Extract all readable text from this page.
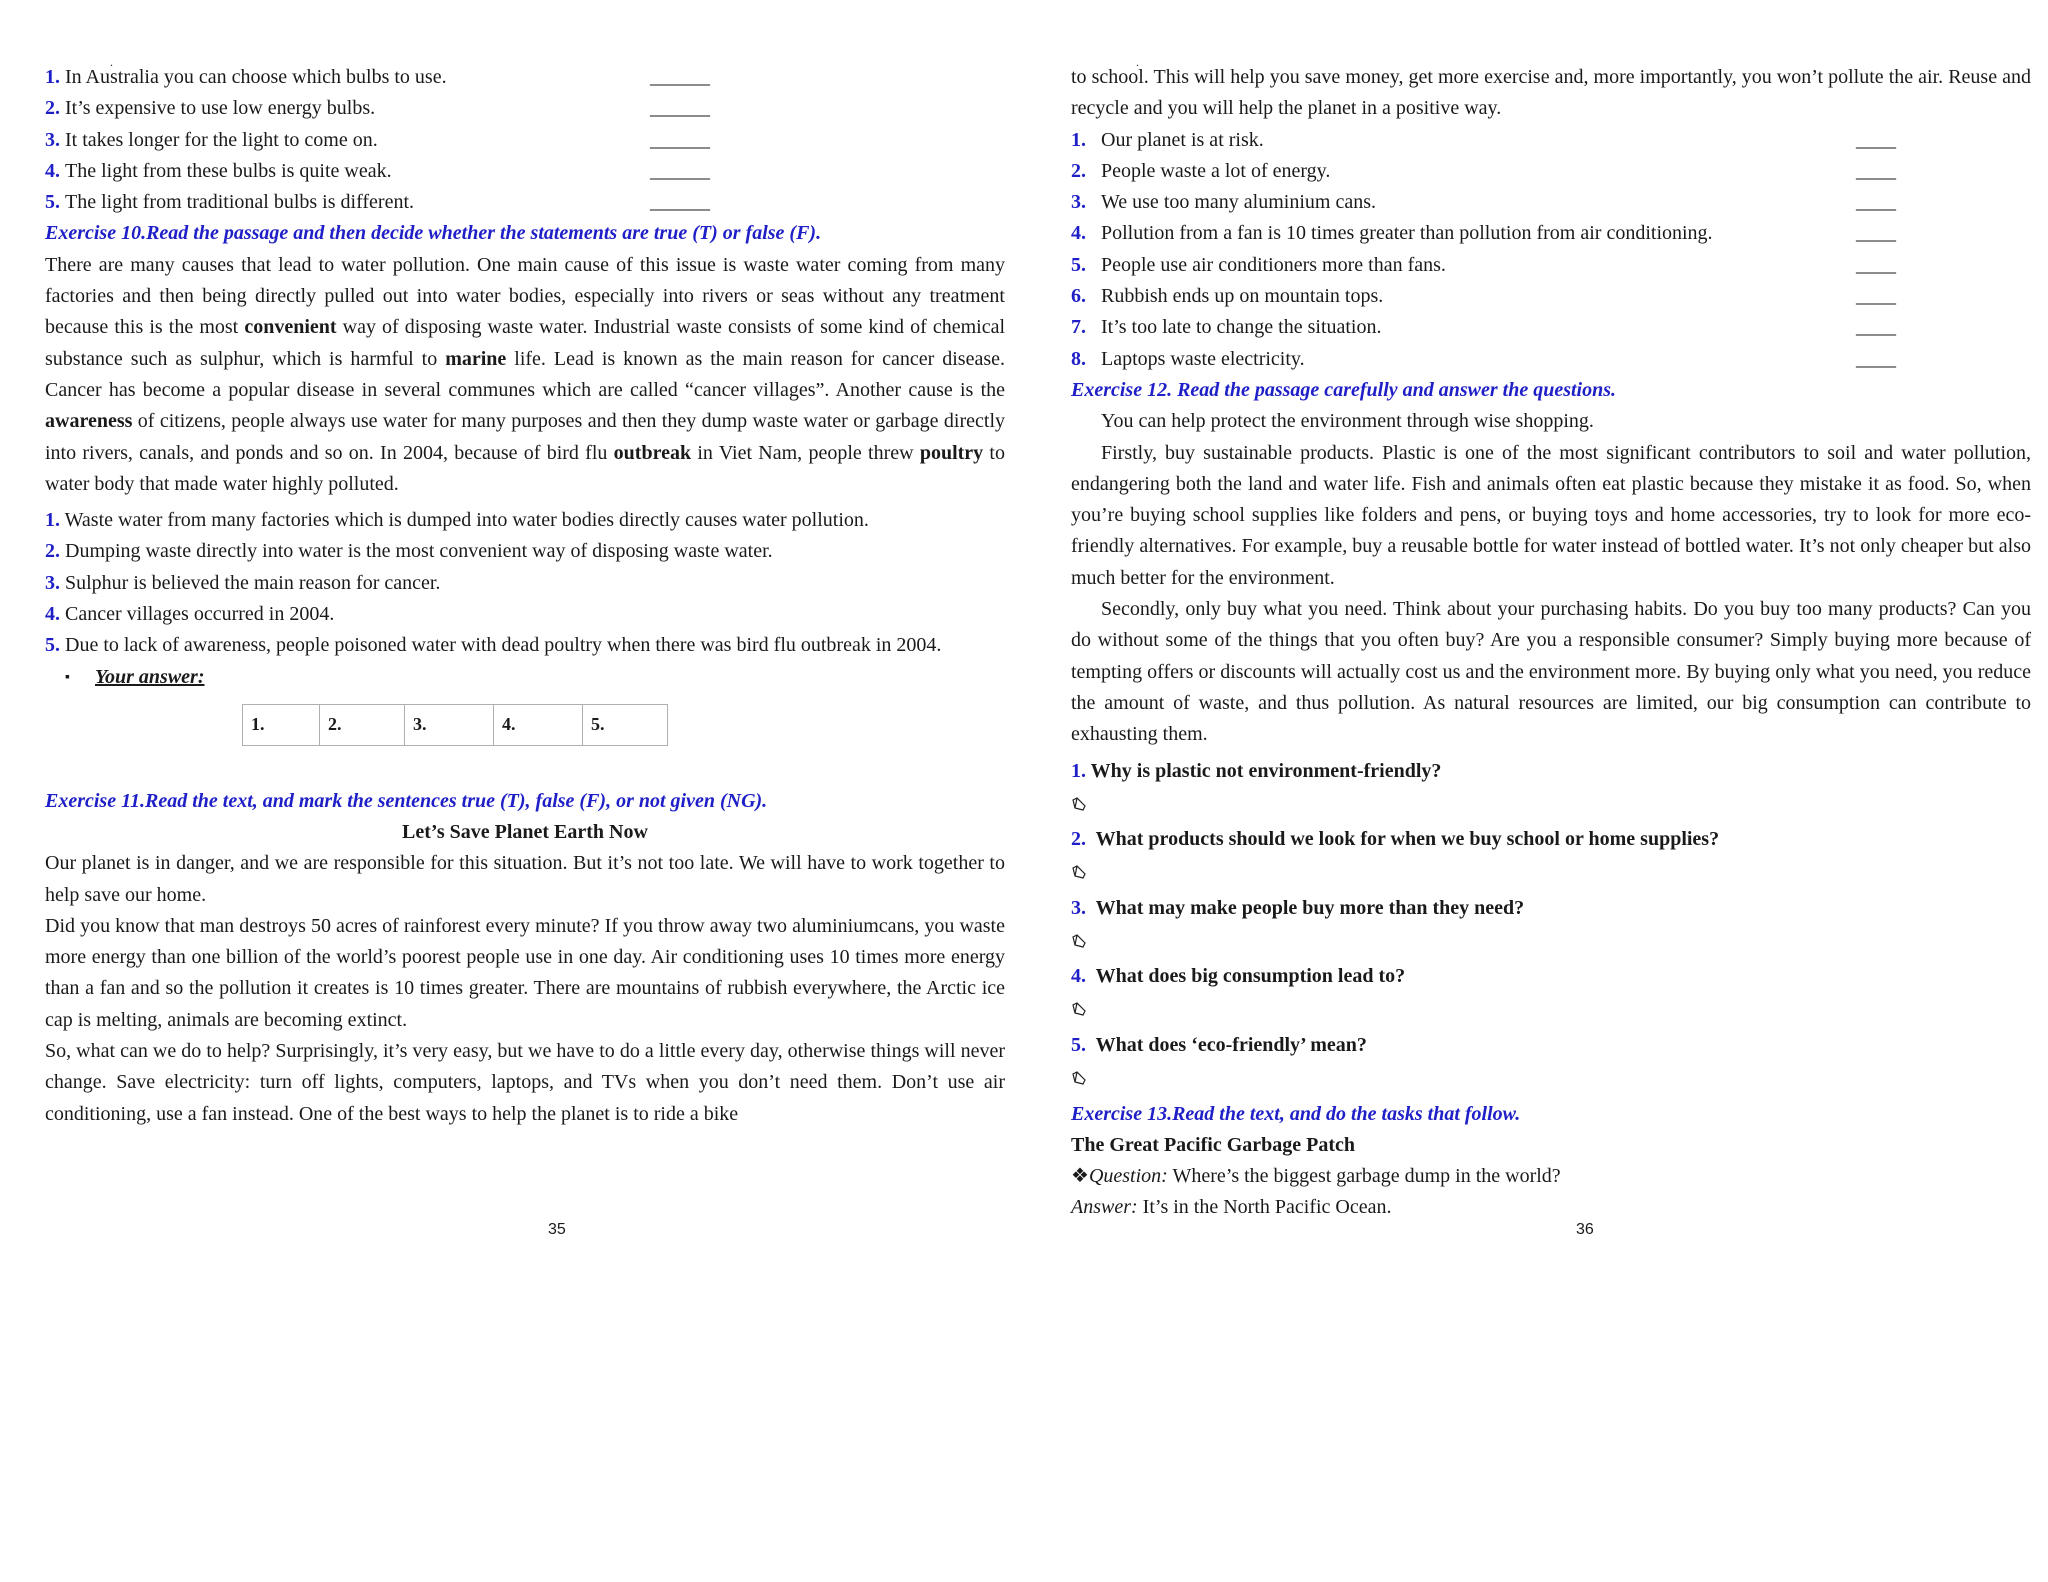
.

1.
In Australia you can choose which bulbs to use.	______

2.
It’s expensive to use low energy bulbs.	______

3.
It takes longer for the light to come on.	______

4.
The light from these bulbs is quite weak.	______

5.
The light from traditional bulbs is different.	______

Exercise 10.Read the passage and then decide whether the statements are true (T) or false (F).

There are many causes that lead to water pollution. One main cause of this issue is waste water coming from many factories and then being directly pulled out into water bodies, especially into rivers or seas without any treatment because this is the most convenient way of disposing waste water. Industrial waste consists of some kind of chemical substance such as sulphur, which is harmful to marine life. Lead is known as the main reason for cancer disease. Cancer has become a popular disease in several communes which are called “cancer villages”. Another cause is the awareness of citizens, people always use water for many purposes and then they dump waste water or garbage directly into rivers, canals, and ponds and so on. In 2004, because of bird flu outbreak in Viet Nam, people threw poultry to water body that made water highly polluted.

1. Waste water from many factories which is dumped into water bodies directly causes water pollution.

2. Dumping waste directly into water is the most convenient way of disposing waste water.

3. Sulphur is believed the main reason for cancer.

4. Cancer villages occurred in 2004.

5. Due to lack of awareness, people poisoned water with dead poultry when there was bird flu outbreak in 2004.

▪ Your answer:

1.	2.	3.	4.	5.

Exercise 11.Read the text, and mark the sentences true (T), false (F), or not given (NG).

Let’s Save Planet Earth Now

Our planet is in danger, and we are responsible for this situation. But it’s not too late. We will have to work together to help save our home.

Did you know that man destroys 50 acres of rainforest every minute? If you throw away two aluminiumcans, you waste more energy than one billion of the world’s poorest people use in one day. Air conditioning uses 10 times more energy than a fan and so the pollution it creates is 10 times greater. There are mountains of rubbish everywhere, the Arctic ice cap is melting, animals are becoming extinct.

So, what can we do to help? Surprisingly, it’s very easy, but we have to do a little every day, otherwise things will never change. Save electricity: turn off lights, computers, laptops, and TVs when you don’t need them. Don’t use air conditioning, use a fan instead. One of the best ways to help the planet is to ride a bike

35
.

to school. This will help you save money, get more exercise and, more importantly, you won’t pollute the air. Reuse and recycle and you will help the planet in a positive way.

1. Our planet is at risk.	____

2. People waste a lot of energy.	____

3. We use too many aluminium cans.	____

4. Pollution from a fan is 10 times greater than pollution from air conditioning.	____

5. People use air conditioners more than fans.	____

6. Rubbish ends up on mountain tops.	____

7. It’s too late to change the situation.	____

8. Laptops waste electricity.	____

Exercise 12. Read the passage carefully and answer the questions.

You can help protect the environment through wise shopping.

Firstly, buy sustainable products. Plastic is one of the most significant contributors to soil and water pollution, endangering both the land and water life. Fish and animals often eat plastic because they mistake it as food. So, when you’re buying school supplies like folders and pens, or buying toys and home accessories, try to look for more eco-friendly alternatives. For example, buy a reusable bottle for water instead of bottled water. It’s not only cheaper but also much better for the environment.

Secondly, only buy what you need. Think about your purchasing habits. Do you buy too many products? Can you do without some of the things that you often buy? Are you a responsible consumer? Simply buying more because of tempting offers or discounts will actually cost us and the environment more. By buying only what you need, you reduce the amount of waste, and thus pollution. As natural resources are limited, our big consumption can contribute to exhausting them.

1. Why is plastic not environment-friendly?

2. What products should we look for when we buy school or home supplies?

3. What may make people buy more than they need?

4. What does big consumption lead to?

5. What does ‘eco-friendly’ mean?

Exercise 13.Read the text, and do the tasks that follow.

The Great Pacific Garbage Patch

❖Question: Where’s the biggest garbage dump in the world?

Answer: It’s in the North Pacific Ocean.

36
